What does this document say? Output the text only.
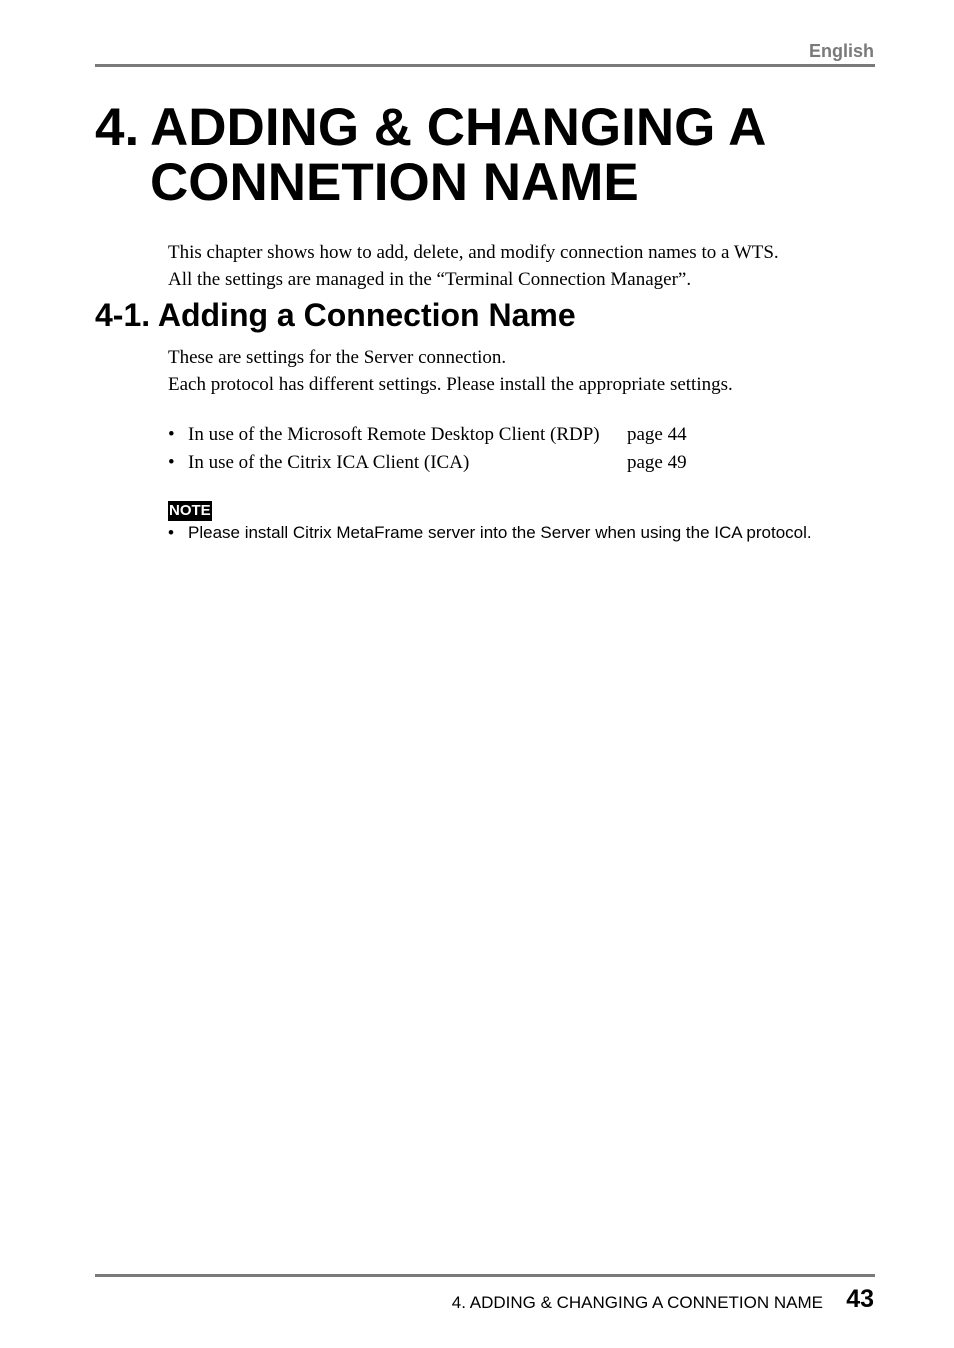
English
4. ADDING & CHANGING A
CONNETION NAME
This chapter shows how to add, delete, and modify connection names to a WTS.
All the settings are managed in the “Terminal Connection Manager”.
4-1. Adding a Connection Name
These are settings for the Server connection.
Each protocol has different settings. Please install the appropriate settings.
• In use of the Microsoft Remote Desktop Client (RDP) page 44
• In use of the Citrix ICA Client (ICA)	page 49
NOTE
• Please install Citrix MetaFrame server into the Server when using the ICA protocol.
4. ADDING & CHANGING A CONNETION NAME 43
